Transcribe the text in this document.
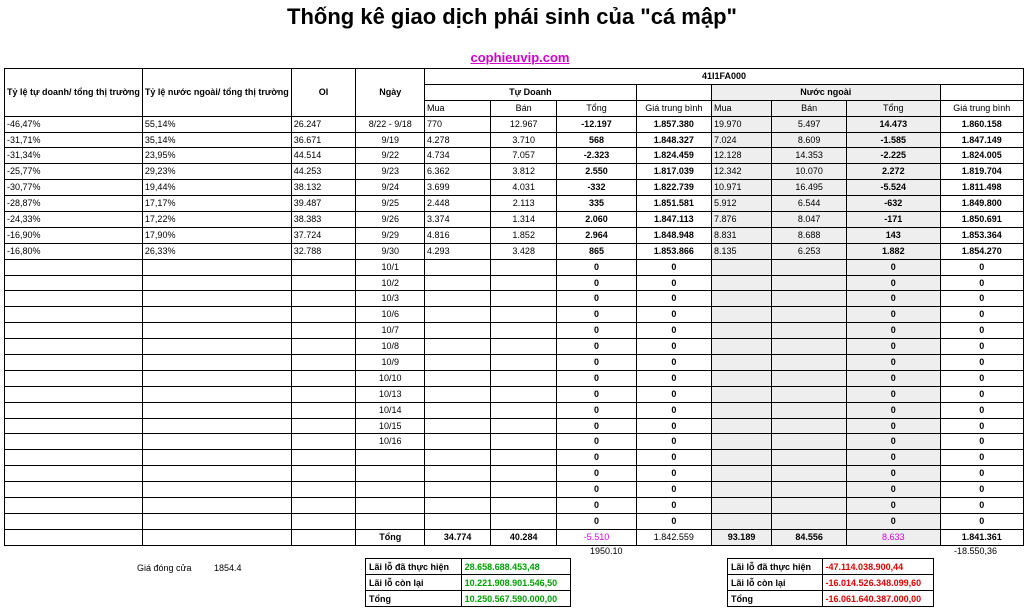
Thống kê giao dịch phái sinh của "cá mập"
cophieuvip.com
Tỷ lệ tự doanh/ tổng thị trường	Tỷ lệ nước ngoài/ tổng thị trường	OI	Ngày	41I1FA000							
				Tự Doanh				Nước ngoài			
				Mua	Bán	Tổng	Giá trung bình	Mua	Bán	Tổng	Giá trung bình
-46,47%	55,14%	26.247	8/22 - 9/18	770	12.967	-12.197	1.857.380	19.970	5.497	14.473	1.860.158
-31,71%	35,14%	36.671	9/19	4.278	3.710	568	1.848.327	7.024	8.609	-1.585	1.847.149
-31,34%	23,95%	44.514	9/22	4.734	7.057	-2.323	1.824.459	12.128	14.353	-2.225	1.824.005
-25,77%	29,23%	44.253	9/23	6.362	3.812	2.550	1.817.039	12.342	10.070	2.272	1.819.704
-30,77%	19,44%	38.132	9/24	3.699	4.031	-332	1.822.739	10.971	16.495	-5.524	1.811.498
-28,87%	17,17%	39.487	9/25	2.448	2.113	335	1.851.581	5.912	6.544	-632	1.849.800
-24,33%	17,22%	38.383	9/26	3.374	1.314	2.060	1.847.113	7.876	8.047	-171	1.850.691
-16,90%	17,90%	37.724	9/29	4.816	1.852	2.964	1.848.948	8.831	8.688	143	1.853.364
-16,80%	26,33%	32.788	9/30	4.293	3.428	865	1.853.866	8.135	6.253	1.882	1.854.270
			10/1			0	0			0	0
			10/2			0	0			0	0
			10/3			0	0			0	0
			10/6			0	0			0	0
			10/7			0	0			0	0
			10/8			0	0			0	0
			10/9			0	0			0	0
			10/10			0	0			0	0
			10/13			0	0			0	0
			10/14			0	0			0	0
			10/15			0	0			0	0
			10/16			0	0			0	0
						0	0			0	0
						0	0			0	0
						0	0			0	0
						0	0			0	0
						0	0			0	0
			Tổng	34.774	40.284	-5.510	1.842.559	93.189	84.556	8.633	1.841.361
1950.10	-18.550,36
Giá đóng cửa 1854.4	Lãi lỗ đã thực hiện	28.658.688.453,48
Lãi lỗ còn lại	10.221.908.901.546,50
Tổng	10.250.567.590.000,00
Lãi lỗ đã thực hiện	-47.114.038.900,44
Lãi lỗ còn lại	-16.014.526.348.099,60
Tổng	-16.061.640.387.000,00
